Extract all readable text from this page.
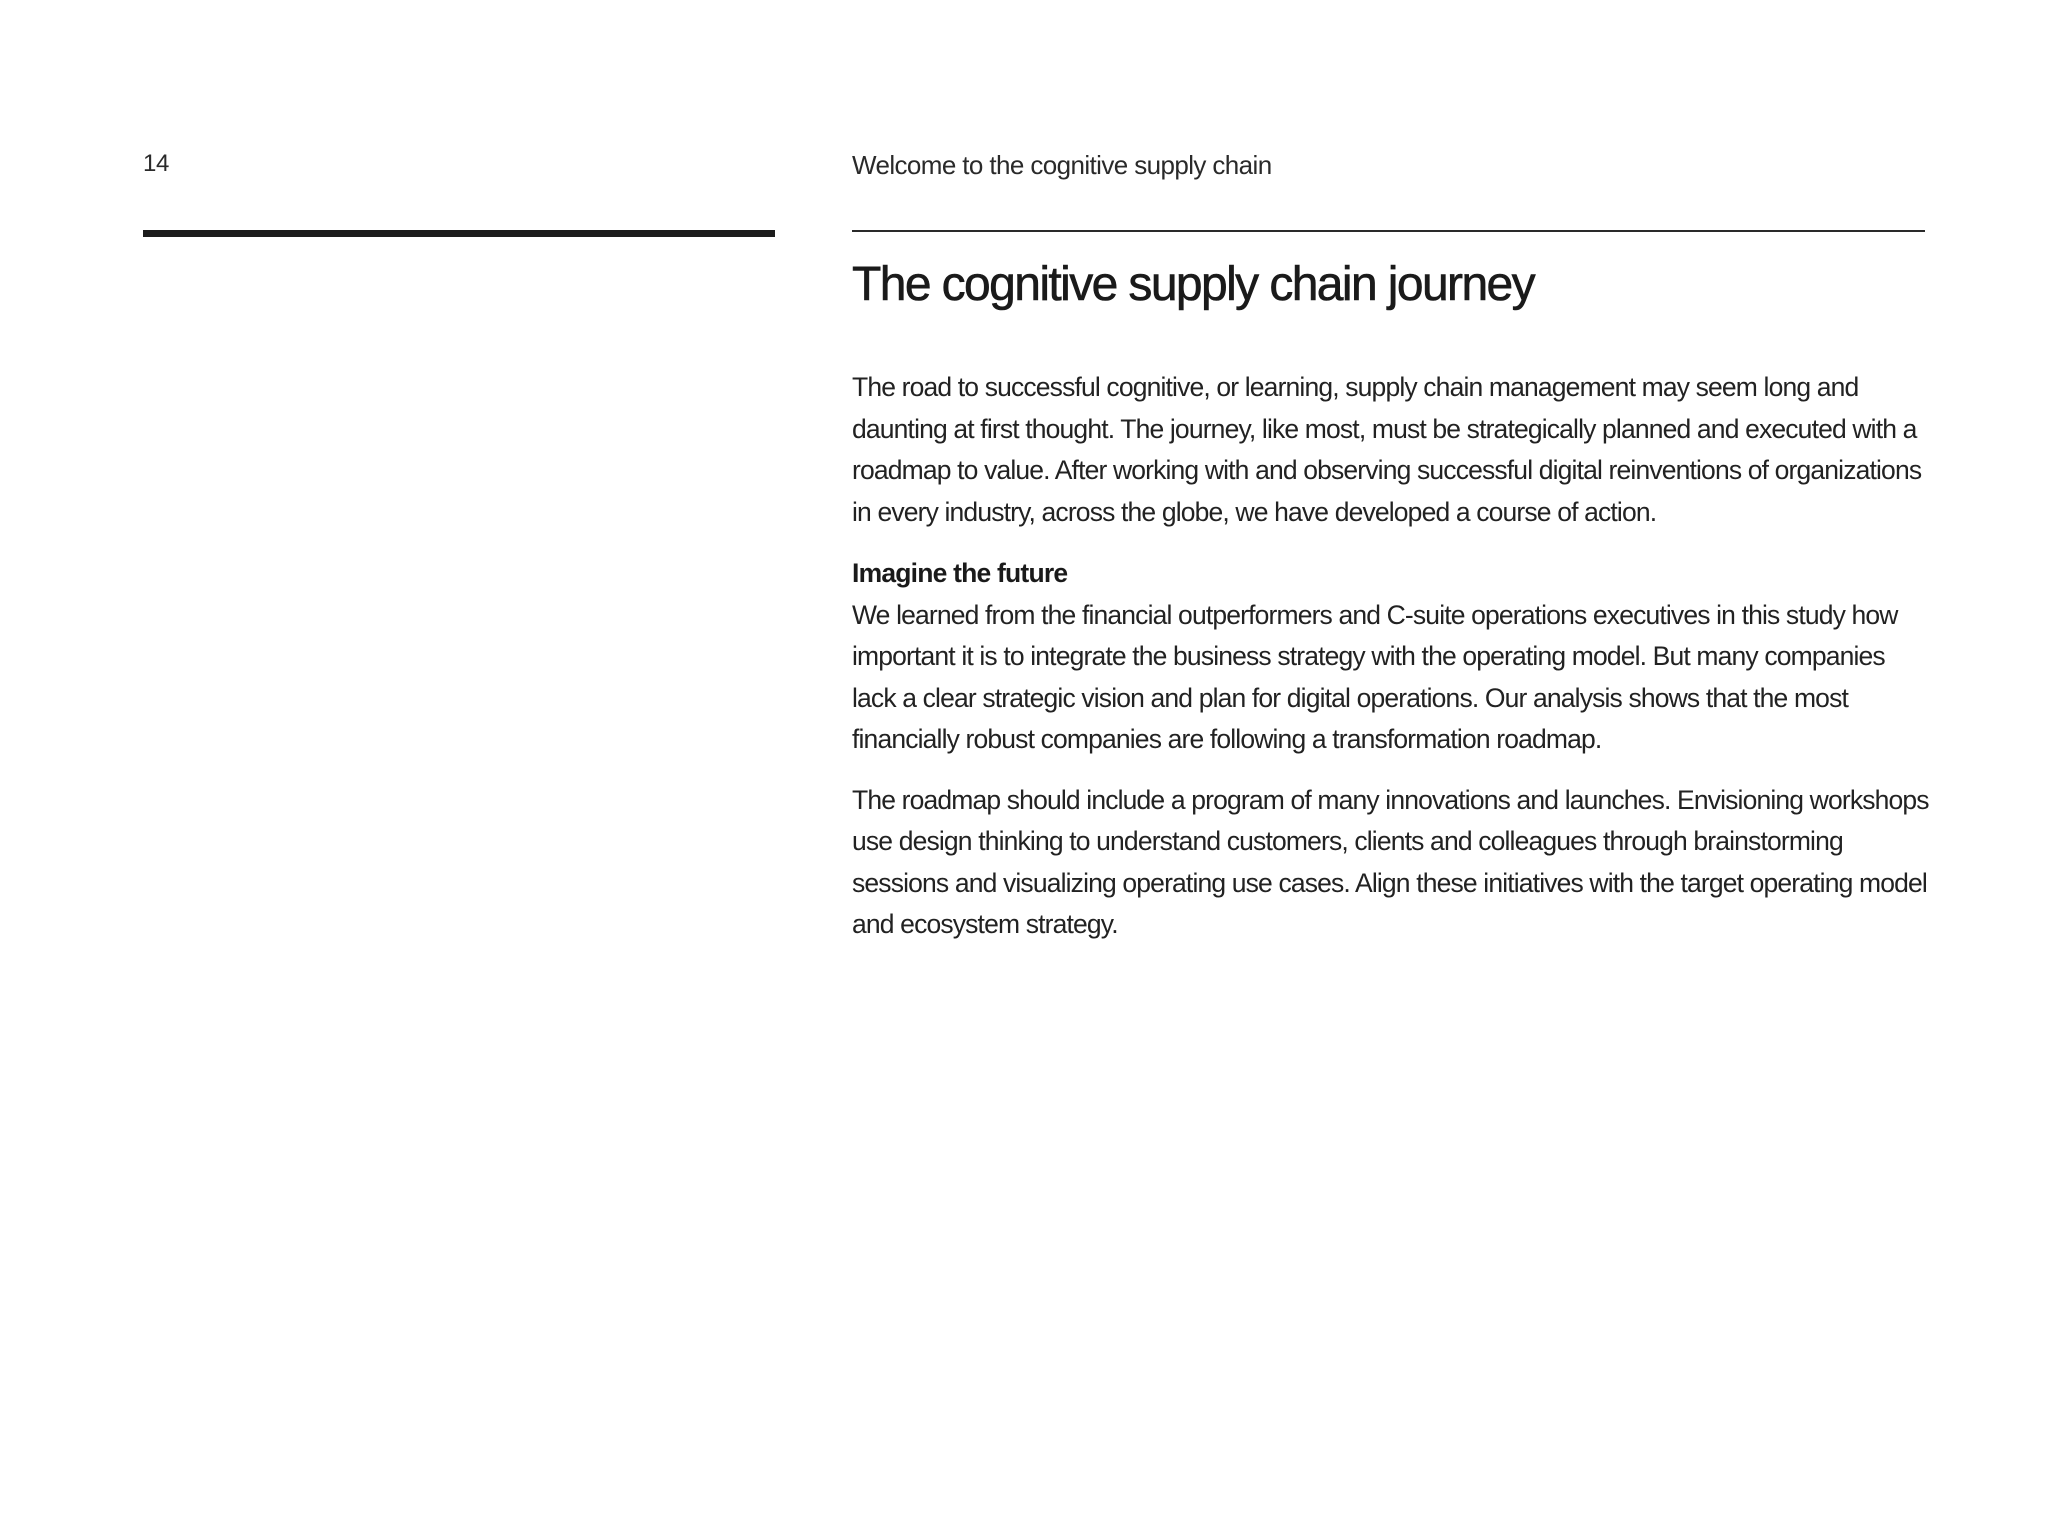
14	Welcome to the cognitive supply chain
The cognitive supply chain journey

The road to successful cognitive, or learning, supply chain management may seem long and daunting at first thought. The journey, like most, must be strategically planned and executed with a roadmap to value. After working with and observing successful digital reinventions of organizations in every industry, across the globe, we have developed a course of action.

Imagine the future

We learned from the financial outperformers and C-suite operations executives in this study how important it is to integrate the business strategy with the operating model. But many companies lack a clear strategic vision and plan for digital operations. Our analysis shows that the most financially robust companies are following a transformation roadmap.

The roadmap should include a program of many innovations and launches. Envisioning workshops use design thinking to understand customers, clients and colleagues through brainstorming sessions and visualizing operating use cases. Align these initiatives with the target operating model and ecosystem strategy.
